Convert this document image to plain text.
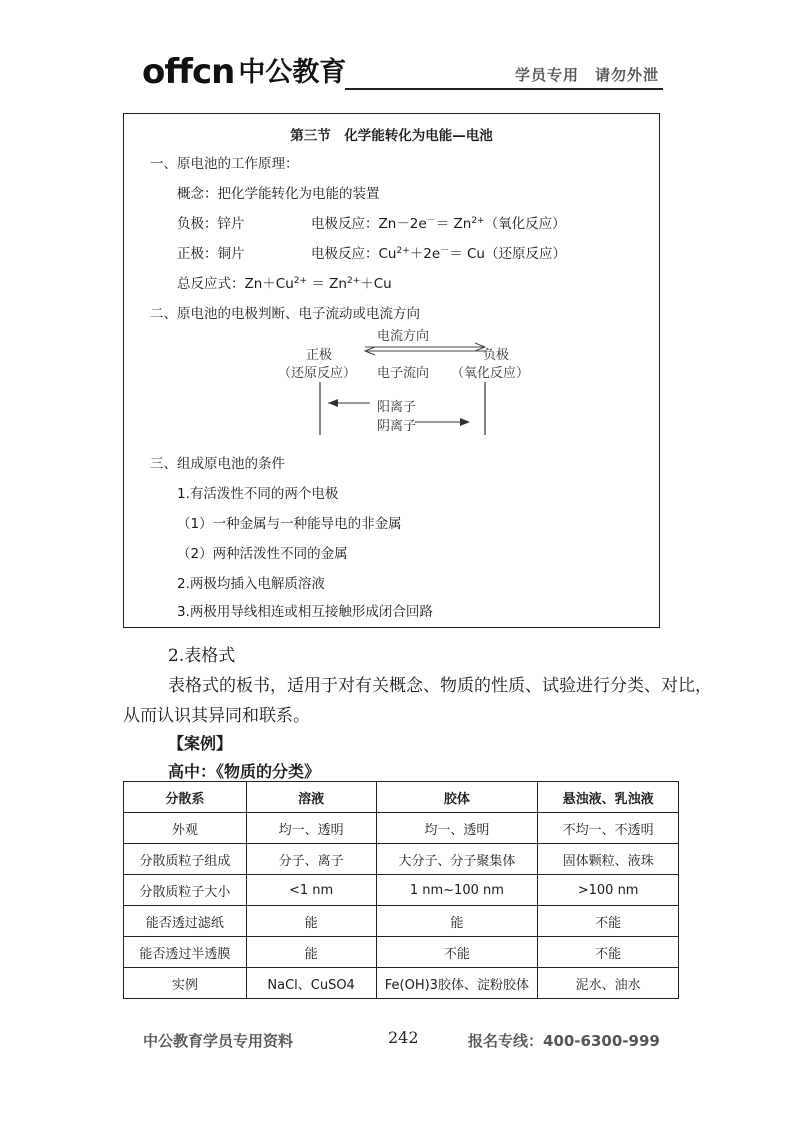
offcn 中公教育	学员专用　请勿外泄
第三节　化学能转化为电能—电池
一、原电池的工作原理：
概念：把化学能转化为电能的装置
负极：锌片	电极反应：$Zn-2e^-= Zn^{2+}$（氧化反应）
正极：铜片	电极反应：$Cu^{2+}+2e^-= Cu$（还原反应）
总反应式：$Zn+Cu^{2+} = Zn^{2+}+Cu$
二、原电池的电极判断、电子流动或电流方向
电流方向
正极	负极
（还原反应） 电子流向 （氧化反应）
阳离子
阴离子
三、组成原电池的条件
1.有活泼性不同的两个电极
（1）一种金属与一种能导电的非金属
（2）两种活泼性不同的金属
2.两极均插入电解质溶液
3.两极用导线相连或相互接触形成闭合回路
2.表格式
表格式的板书，适用于对有关概念、物质的性质、试验进行分类、对比，
从而认识其异同和联系。
【案例】
高中：《物质的分类》
分散系	溶液	胶体	悬浊液、乳浊液
外观	均一、透明	均一、透明	不均一、不透明
分散质粒子组成	分子、离子	大分子、分子聚集体	固体颗粒、液珠
分散质粒子大小	<1 nm	1 nm~100 nm	>100 nm
能否透过滤纸	能	能	不能
能否透过半透膜	能	不能	不能
实例	NaCl、CuSO4	Fe(OH)3胶体、淀粉胶体	泥水、油水
中公教育学员专用资料	242	报名专线：400-6300-999
